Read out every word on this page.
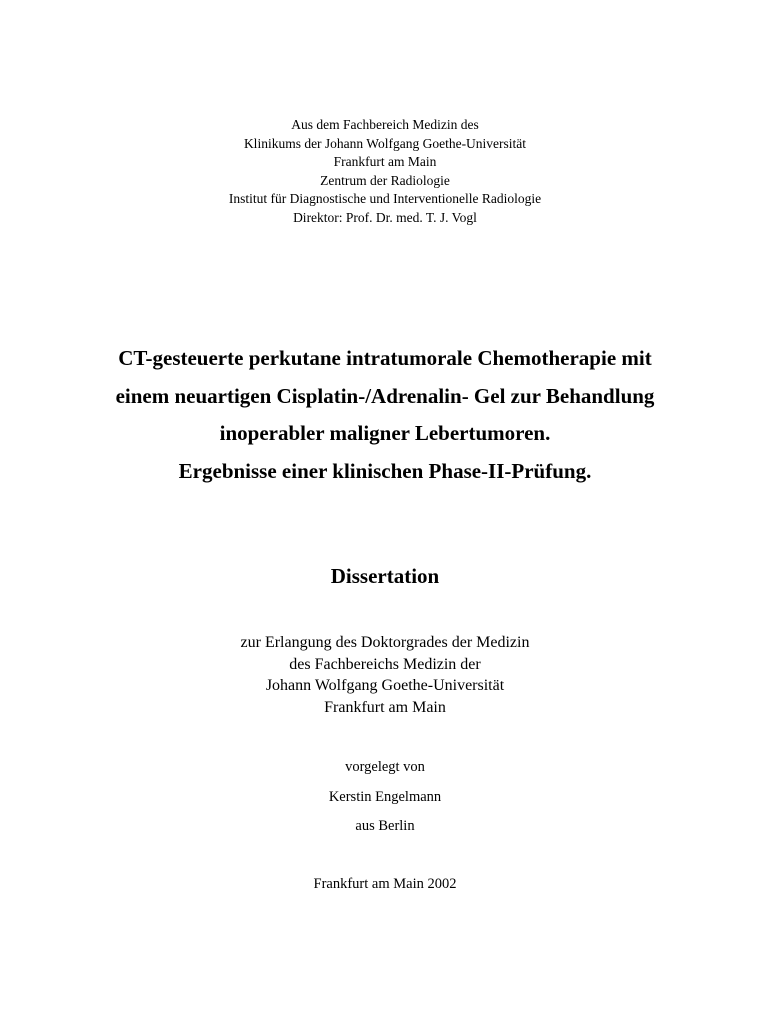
Aus dem Fachbereich Medizin des
Klinikums der Johann Wolfgang Goethe-Universität
Frankfurt am Main
Zentrum der Radiologie
Institut für Diagnostische und Interventionelle Radiologie
Direktor: Prof. Dr. med. T. J. Vogl
CT-gesteuerte perkutane intratumorale Chemotherapie mit
einem neuartigen Cisplatin-/Adrenalin- Gel zur Behandlung
inoperabler maligner Lebertumoren.
Ergebnisse einer klinischen Phase-II-Prüfung.
Dissertation
zur Erlangung des Doktorgrades der Medizin
des Fachbereichs Medizin der
Johann Wolfgang Goethe-Universität
Frankfurt am Main
vorgelegt von
Kerstin Engelmann
aus Berlin
Frankfurt am Main 2002
